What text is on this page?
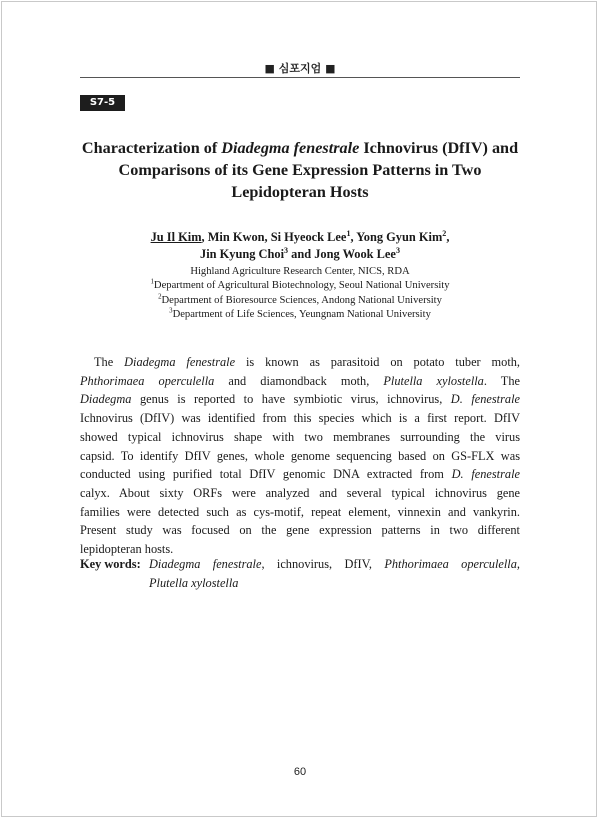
■ 심포지엄 ■
S7-5
Characterization of Diadegma fenestrale Ichnovirus (DfIV) and
Comparisons of its Gene Expression Patterns in Two
Lepidopteran Hosts
Ju Il Kim, Min Kwon, Si Hyeock Lee$^1$, Yong Gyun Kim$^2$,
Jin Kyung Choi$^3$ and Jong Wook Lee$^3$
Highland Agriculture Research Center, NICS, RDA
$^1$Department of Agricultural Biotechnology, Seoul National University
$^2$Department of Bioresource Sciences, Andong National University
$^3$Department of Life Sciences, Yeungnam National University
The Diadegma fenestrale is known as parasitoid on potato tuber moth,
Phthorimaea operculella and diamondback moth, Plutella xylostella. The
Diadegma genus is reported to have symbiotic virus, ichnovirus, D. fenestrale
Ichnovirus (DfIV) was identified from this species which is a first report. DfIV
showed typical ichnovirus shape with two membranes surrounding the virus
capsid. To identify DfIV genes, whole genome sequencing based on GS-FLX was
conducted using purified total DfIV genomic DNA extracted from D. fenestrale
calyx. About sixty ORFs were analyzed and several typical ichnovirus gene
families were detected such as cys-motif, repeat element, vinnexin and vankyrin.
Present study was focused on the gene expression patterns in two different
lepidopteran hosts.
Key words: Diadegma fenestrale, ichnovirus, DfIV, Phthorimaea operculella,
Plutella xylostella
60
